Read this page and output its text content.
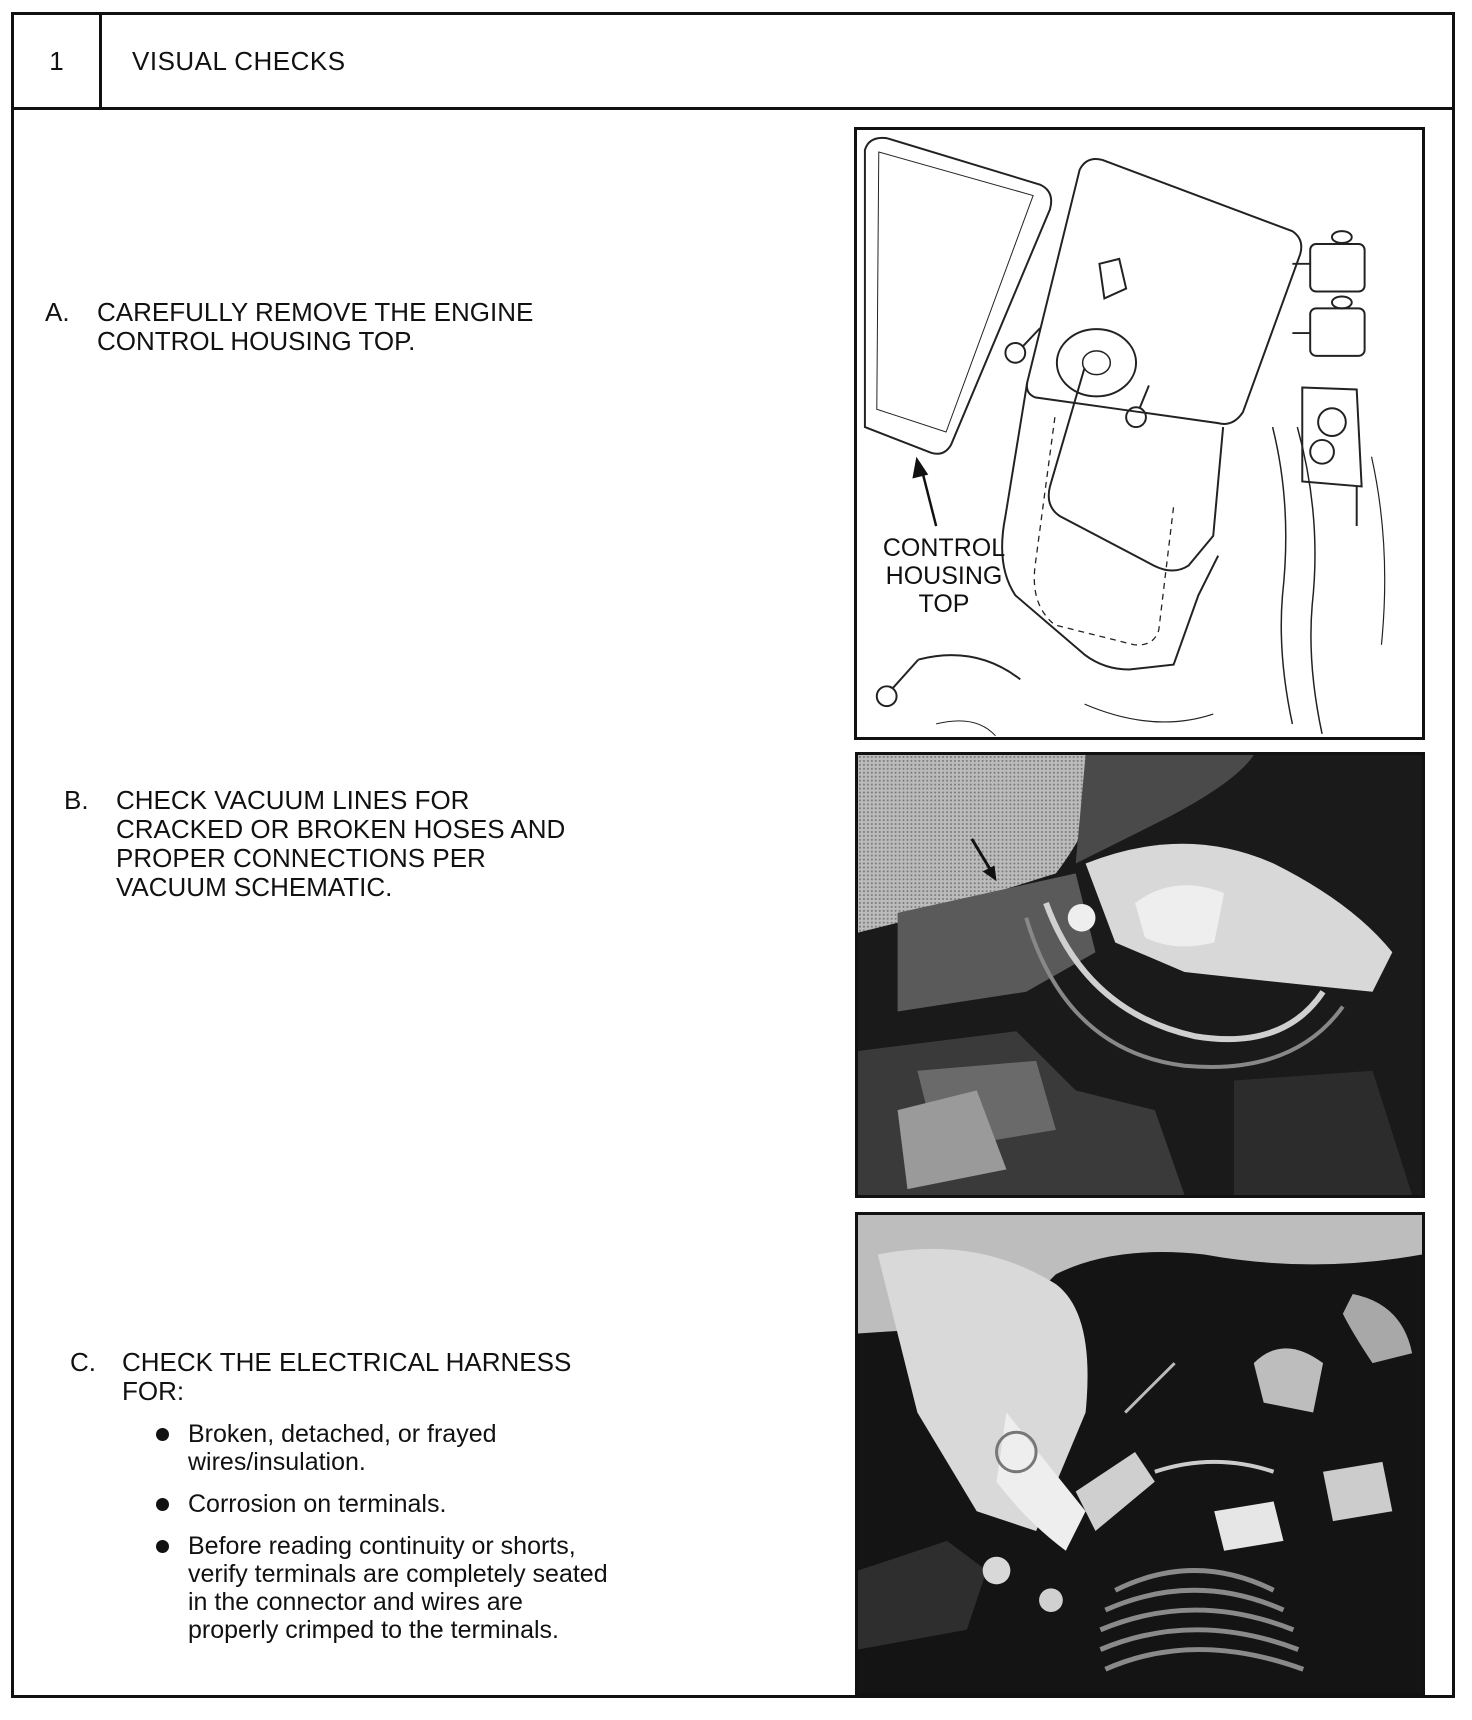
1	VISUAL CHECKS
A. CAREFULLY REMOVE THE ENGINE
CONTROL HOUSING TOP.
B. CHECK VACUUM LINES FOR
CRACKED OR BROKEN HOSES AND
PROPER CONNECTIONS PER
VACUUM SCHEMATIC.
C. CHECK THE ELECTRICAL HARNESS
FOR:
Broken, detached, or frayed
wires/insulation.
Corrosion on terminals.
Before reading continuity or shorts,
verify terminals are completely seated
in the connector and wires are
properly crimped to the terminals.
CONTROL
HOUSING
TOP
